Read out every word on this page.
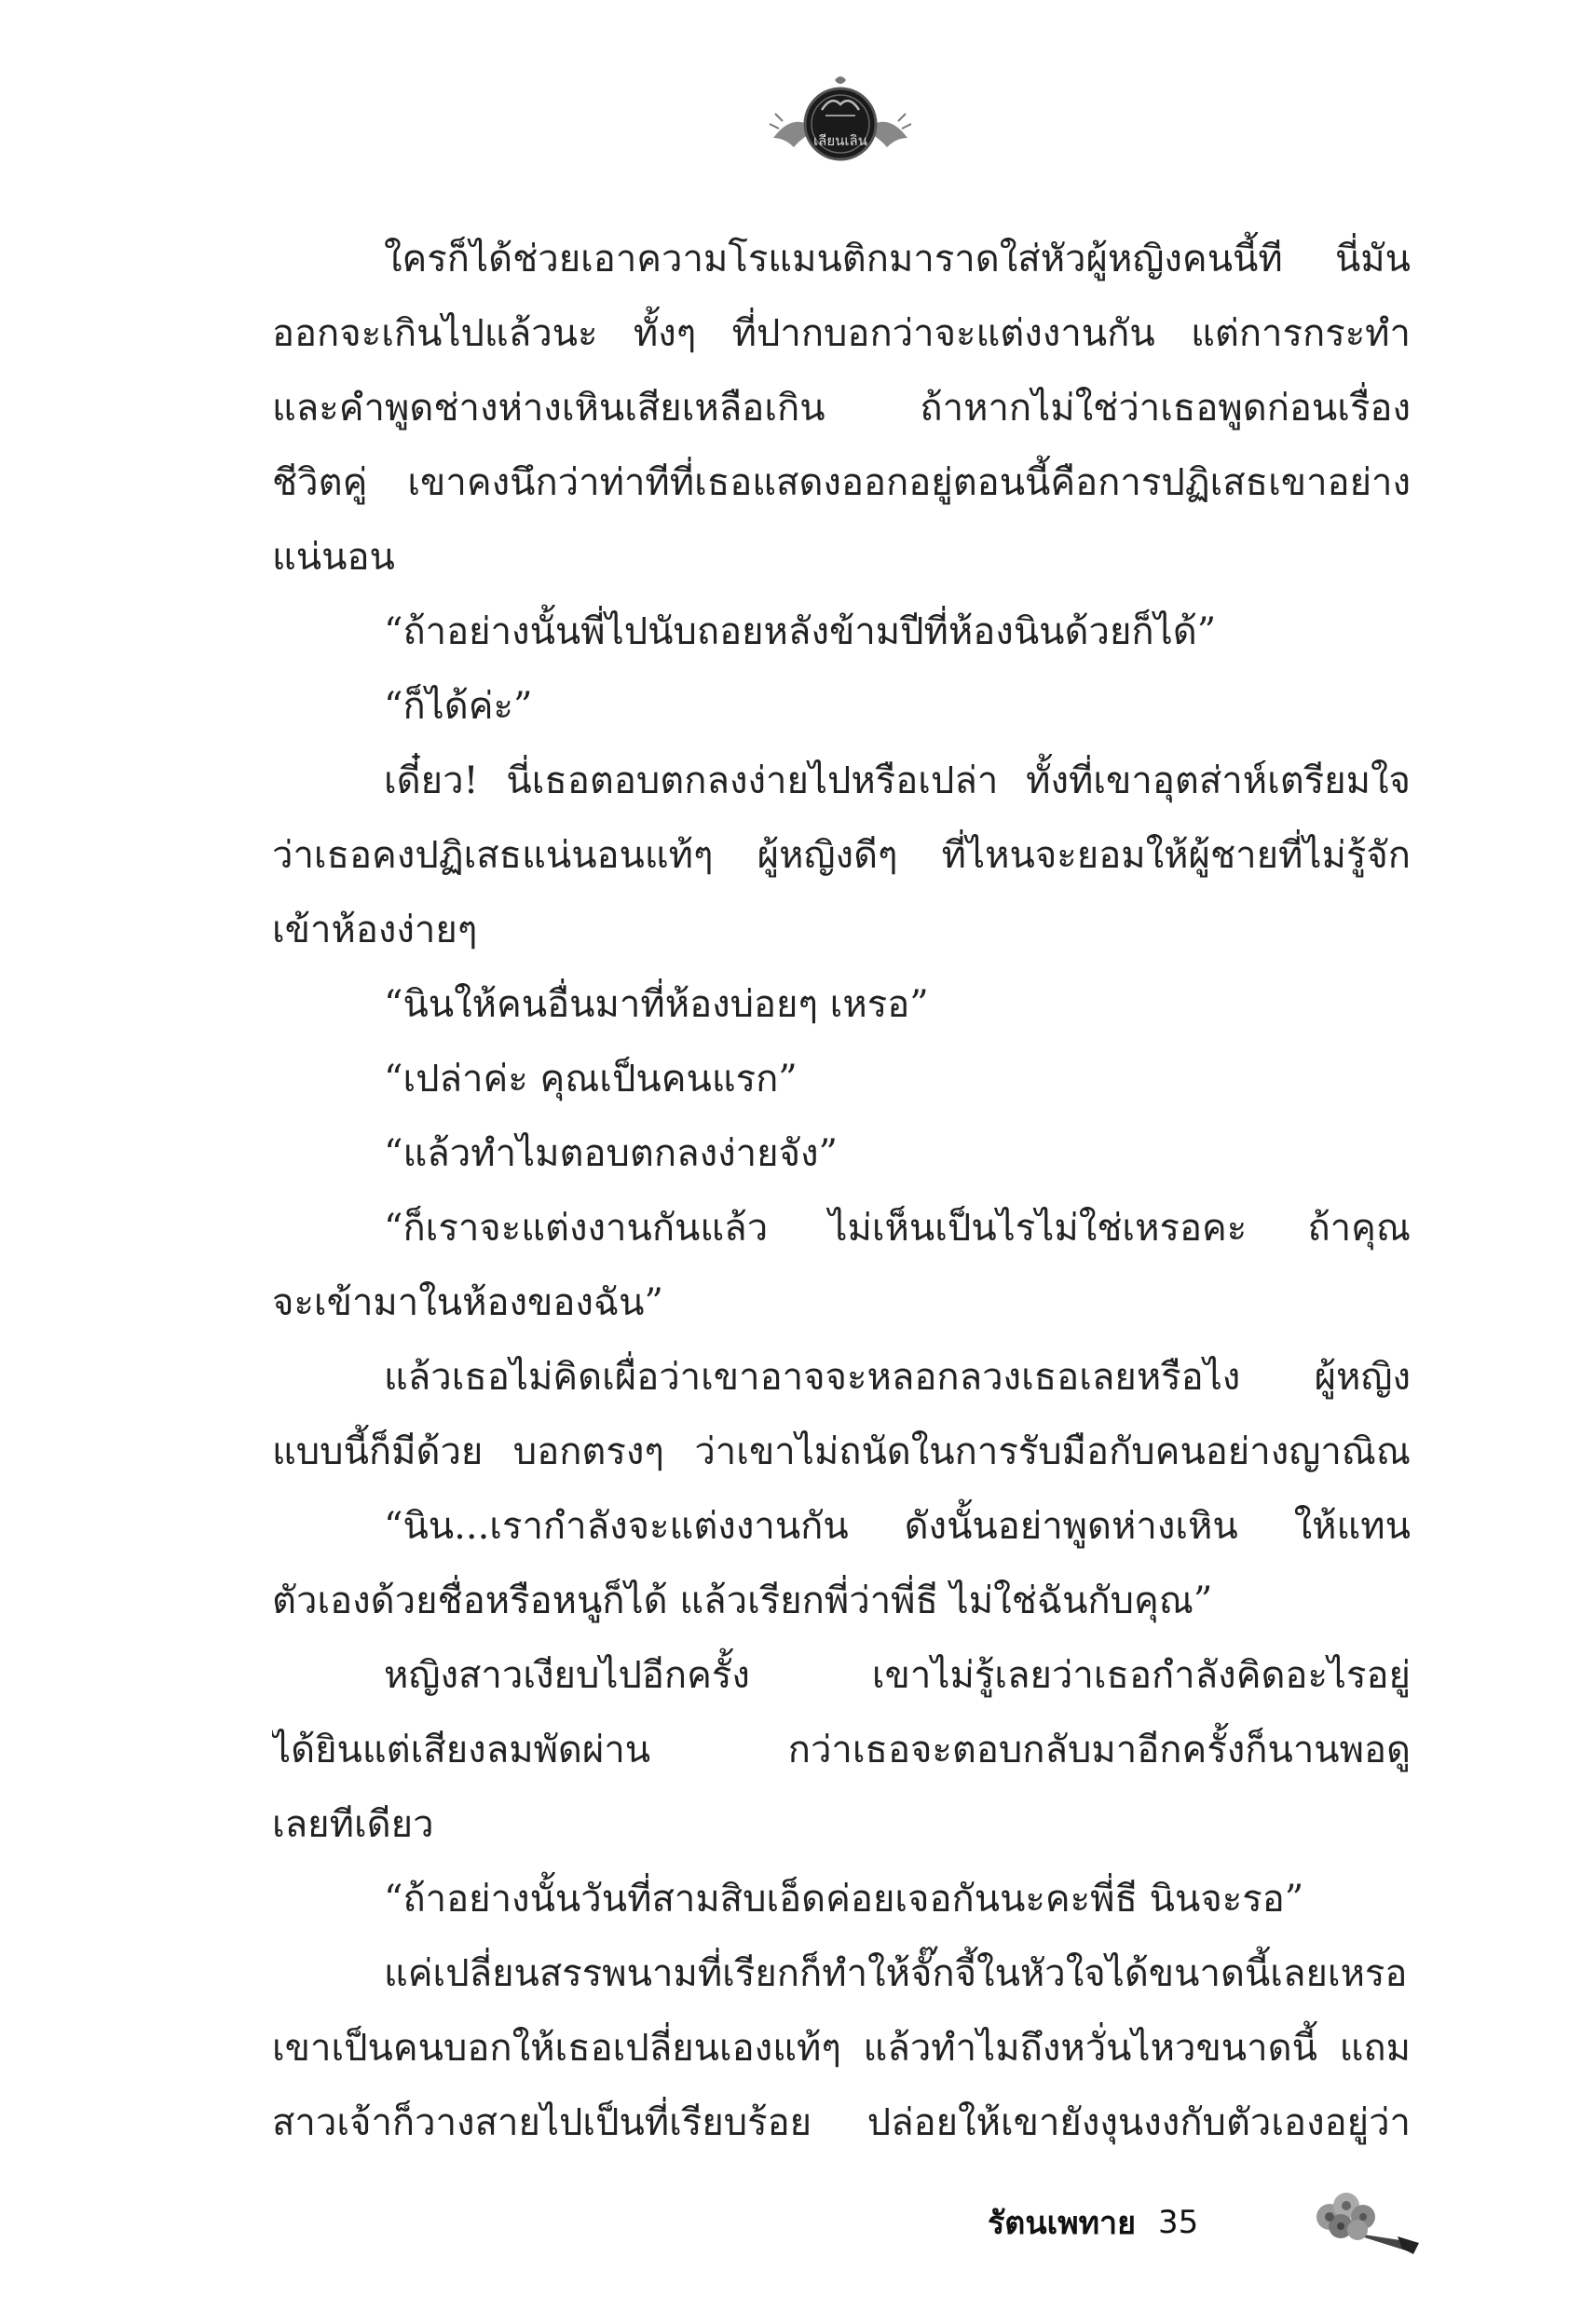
เลียนเลิน
ใครก็ได้ช่วยเอาความโรแมนติกมาราดใส่หัวผู้หญิงคนนี้ที นี่มัน
ออกจะเกินไปแล้วนะ ทั้งๆ ที่ปากบอกว่าจะแต่งงานกัน แต่การกระทำ
และคำพูดช่างห่างเหินเสียเหลือเกิน ถ้าหากไม่ใช่ว่าเธอพูดก่อนเรื่อง
ชีวิตคู่ เขาคงนึกว่าท่าทีที่เธอแสดงออกอยู่ตอนนี้คือการปฏิเสธเขาอย่าง
แน่นอน
“ถ้าอย่างนั้นพี่ไปนับถอยหลังข้ามปีที่ห้องนินด้วยก็ได้”
“ก็ได้ค่ะ”
เดี๋ยว! นี่เธอตอบตกลงง่ายไปหรือเปล่า ทั้งที่เขาอุตส่าห์เตรียมใจ
ว่าเธอคงปฏิเสธแน่นอนแท้ๆ ผู้หญิงดีๆ ที่ไหนจะยอมให้ผู้ชายที่ไม่รู้จัก
เข้าห้องง่ายๆ
“นินให้คนอื่นมาที่ห้องบ่อยๆ เหรอ”
“เปล่าค่ะ คุณเป็นคนแรก”
“แล้วทำไมตอบตกลงง่ายจัง”
“ก็เราจะแต่งงานกันแล้ว ไม่เห็นเป็นไรไม่ใช่เหรอคะ ถ้าคุณ
จะเข้ามาในห้องของฉัน”
แล้วเธอไม่คิดเผื่อว่าเขาอาจจะหลอกลวงเธอเลยหรือไง ผู้หญิง
แบบนี้ก็มีด้วย บอกตรงๆ ว่าเขาไม่ถนัดในการรับมือกับคนอย่างญาณิณ
“นิน...เรากำลังจะแต่งงานกัน ดังนั้นอย่าพูดห่างเหิน ให้แทน
ตัวเองด้วยชื่อหรือหนูก็ได้ แล้วเรียกพี่ว่าพี่ธี ไม่ใช่ฉันกับคุณ”
หญิงสาวเงียบไปอีกครั้ง เขาไม่รู้เลยว่าเธอกำลังคิดอะไรอยู่
ได้ยินแต่เสียงลมพัดผ่าน กว่าเธอจะตอบกลับมาอีกครั้งก็นานพอดู
เลยทีเดียว
“ถ้าอย่างนั้นวันที่สามสิบเอ็ดค่อยเจอกันนะคะพี่ธี นินจะรอ”
แค่เปลี่ยนสรรพนามที่เรียกก็ทำให้จั๊กจี้ในหัวใจได้ขนาดนี้เลยเหรอ
เขาเป็นคนบอกให้เธอเปลี่ยนเองแท้ๆ แล้วทำไมถึงหวั่นไหวขนาดนี้ แถม
สาวเจ้าก็วางสายไปเป็นที่เรียบร้อย ปล่อยให้เขายังงุนงงกับตัวเองอยู่ว่า
รัตนเพทาย 35
